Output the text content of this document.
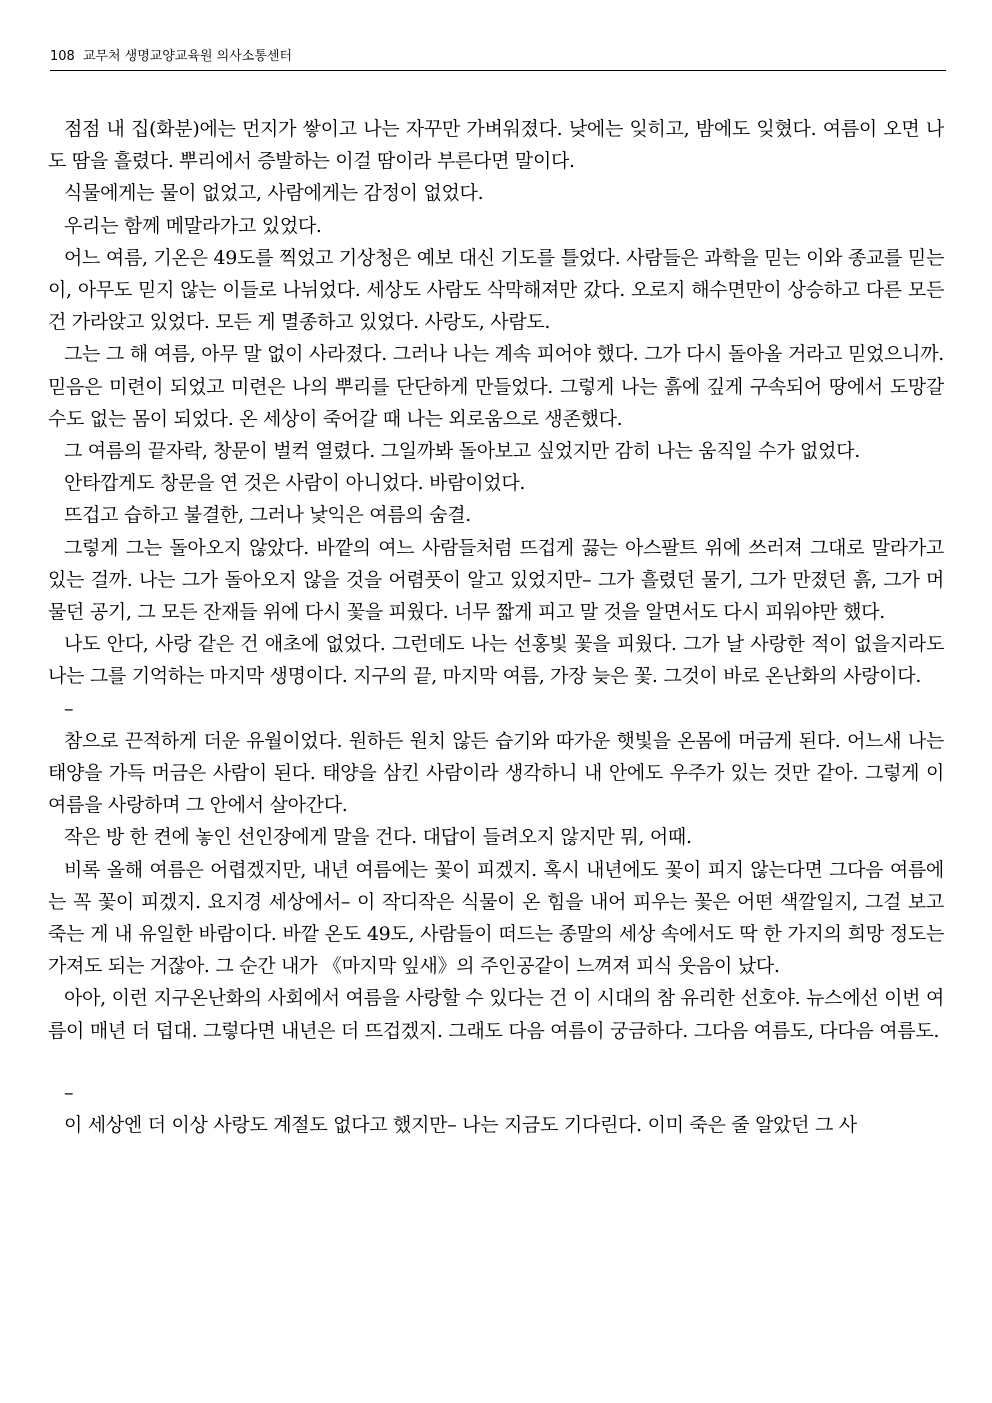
108 교무처 생명교양교육원 의사소통센터

점점 내 집(화분)에는 먼지가 쌓이고 나는 자꾸만 가벼워졌다. 낮에는 잊히고, 밤에도 잊혔다. 여름이 오면 나도 땀을 흘렸다. 뿌리에서 증발하는 이걸 땀이라 부른다면 말이다.

식물에게는 물이 없었고, 사람에게는 감정이 없었다.

우리는 함께 메말라가고 있었다.

어느 여름, 기온은 49도를 찍었고 기상청은 예보 대신 기도를 틀었다. 사람들은 과학을 믿는 이와 종교를 믿는 이, 아무도 믿지 않는 이들로 나뉘었다. 세상도 사람도 삭막해져만 갔다. 오로지 해수면만이 상승하고 다른 모든 건 가라앉고 있었다. 모든 게 멸종하고 있었다. 사랑도, 사람도.

그는 그 해 여름, 아무 말 없이 사라졌다. 그러나 나는 계속 피어야 했다. 그가 다시 돌아올 거라고 믿었으니까. 믿음은 미련이 되었고 미련은 나의 뿌리를 단단하게 만들었다. 그렇게 나는 흙에 깊게 구속되어 땅에서 도망갈 수도 없는 몸이 되었다. 온 세상이 죽어갈 때 나는 외로움으로 생존했다.

그 여름의 끝자락, 창문이 벌컥 열렸다. 그일까봐 돌아보고 싶었지만 감히 나는 움직일 수가 없었다.

안타깝게도 창문을 연 것은 사람이 아니었다. 바람이었다.

뜨겁고 습하고 불결한, 그러나 낯익은 여름의 숨결.

그렇게 그는 돌아오지 않았다. 바깥의 여느 사람들처럼 뜨겁게 끓는 아스팔트 위에 쓰러져 그대로 말라가고 있는 걸까. 나는 그가 돌아오지 않을 것을 어렴풋이 알고 있었지만– 그가 흘렸던 물기, 그가 만졌던 흙, 그가 머물던 공기, 그 모든 잔재들 위에 다시 꽃을 피웠다. 너무 짧게 피고 말 것을 알면서도 다시 피워야만 했다.

나도 안다, 사랑 같은 건 애초에 없었다. 그런데도 나는 선홍빛 꽃을 피웠다. 그가 날 사랑한 적이 없을지라도 나는 그를 기억하는 마지막 생명이다. 지구의 끝, 마지막 여름, 가장 늦은 꽃. 그것이 바로 온난화의 사랑이다.

–

참으로 끈적하게 더운 유월이었다. 원하든 원치 않든 습기와 따가운 햇빛을 온몸에 머금게 된다. 어느새 나는 태양을 가득 머금은 사람이 된다. 태양을 삼킨 사람이라 생각하니 내 안에도 우주가 있는 것만 같아. 그렇게 이 여름을 사랑하며 그 안에서 살아간다.

작은 방 한 켠에 놓인 선인장에게 말을 건다. 대답이 들려오지 않지만 뭐, 어때.

비록 올해 여름은 어렵겠지만, 내년 여름에는 꽃이 피겠지. 혹시 내년에도 꽃이 피지 않는다면 그다음 여름에는 꼭 꽃이 피겠지. 요지경 세상에서– 이 작디작은 식물이 온 힘을 내어 피우는 꽃은 어떤 색깔일지, 그걸 보고 죽는 게 내 유일한 바람이다. 바깥 온도 49도, 사람들이 떠드는 종말의 세상 속에서도 딱 한 가지의 희망 정도는 가져도 되는 거잖아. 그 순간 내가 《마지막 잎새》의 주인공같이 느껴져 피식 웃음이 났다.

아아, 이런 지구온난화의 사회에서 여름을 사랑할 수 있다는 건 이 시대의 참 유리한 선호야. 뉴스에선 이번 여름이 매년 더 덥대. 그렇다면 내년은 더 뜨겁겠지. 그래도 다음 여름이 궁금하다. 그다음 여름도, 다다음 여름도.

–

이 세상엔 더 이상 사랑도 계절도 없다고 했지만– 나는 지금도 기다린다. 이미 죽은 줄 알았던 그 사
